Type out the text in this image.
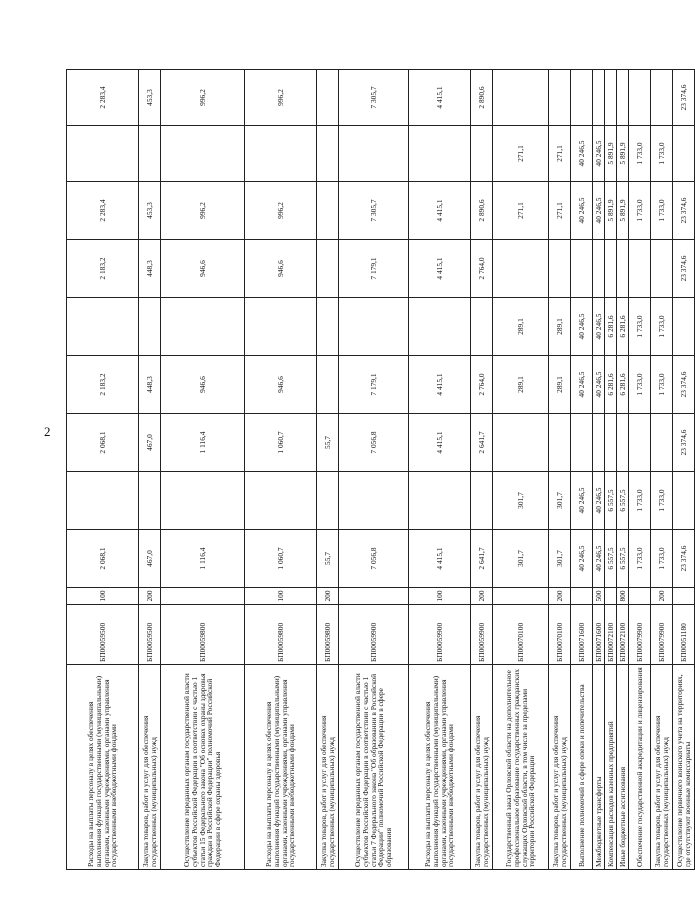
2
Расходы на выплаты персоналу в целях обеспечения выполнения функций государственными (муниципальными) органами, казенными учреждениями, органами управления государственными внебюджетными фондами	БП00059500	100	2 068,1		2 068,1	2 183,2		2 183,2	2 283,4		2 283,4
Закупка товаров, работ и услуг для обеспечения государственных (муниципальных) нужд	БП00059500	200	467,0		467,0	448,3		448,3	453,3		453,3
Осуществление переданных органам государственной власти субъектов Российской Федерации в соответствии с частью 1 статьи 15 Федерального закона "Об основах охраны здоровья граждан в Российской Федерации" полномочий Российской Федерации в сфере охраны здоровья	БП00059800		1 116,4		1 116,4	946,6		946,6	996,2		996,2
Расходы на выплаты персоналу в целях обеспечения выполнения функций государственными (муниципальными) органами, казенными учреждениями, органами управления государственными внебюджетными фондами	БП00059800	100	1 060,7		1 060,7	946,6		946,6	996,2		996,2
Закупка товаров, работ и услуг для обеспечения государственных (муниципальных) нужд	БП00059800	200	55,7		55,7						
Осуществление переданных органам государственной власти субъектов Российской Федерации в соответствии с частью 1 статьи 7 Федерального закона "Об образовании в Российской Федерации" полномочий Российской Федерации в сфере образования	БП00059900		7 056,8		7 056,8	7 179,1		7 179,1	7 305,7		7 305,7
Расходы на выплаты персоналу в целях обеспечения выполнения функций государственными (муниципальными) органами, казенными учреждениями, органами управления государственными внебюджетными фондами	БП00059900	100	4 415,1		4 415,1	4 415,1		4 415,1	4 415,1		4 415,1
Закупка товаров, работ и услуг для обеспечения государственных (муниципальных) нужд	БП00059900	200	2 641,7		2 641,7	2 764,0		2 764,0	2 890,6		2 890,6
Государственный заказ Орловской области на дополнительное профессиональное образование государственных гражданских служащих Орловской области, в том числе за пределами территории Российской Федерации	БП00070100		301,7	301,7		289,1	289,1		271,1	271,1	
Закупка товаров, работ и услуг для обеспечения государственных (муниципальных) нужд	БП00070100	200	301,7	301,7		289,1	289,1		271,1	271,1	
Выполнение полномочий в сфере опеки и попечительства	БП00071600		40 246,5	40 246,5		40 246,5	40 246,5		40 246,5	40 246,5	
Межбюджетные трансферты	БП00071600	500	40 246,5	40 246,5		40 246,5	40 246,5		40 246,5	40 246,5	
Компенсация расходов казенных предприятий	БП00072100		6 557,5	6 557,5		6 281,6	6 281,6		5 891,9	5 891,9	
Иные бюджетные ассигнования	БП00072100	800	6 557,5	6 557,5		6 281,6	6 281,6		5 891,9	5 891,9	
Обеспечение государственной аккредитации и лицензирования	БП00079900		1 733,0	1 733,0		1 733,0	1 733,0		1 733,0	1 733,0	
Закупка товаров, работ и услуг для обеспечения государственных (муниципальных) нужд	БП00079900	200	1 733,0	1 733,0		1 733,0	1 733,0		1 733,0	1 733,0	
Осуществление первичного воинского учета на территориях, где отсутствуют военные комиссариаты	БП00051180		23 374,6		23 374,6	23 374,6		23 374,6	23 374,6		23 374,6
